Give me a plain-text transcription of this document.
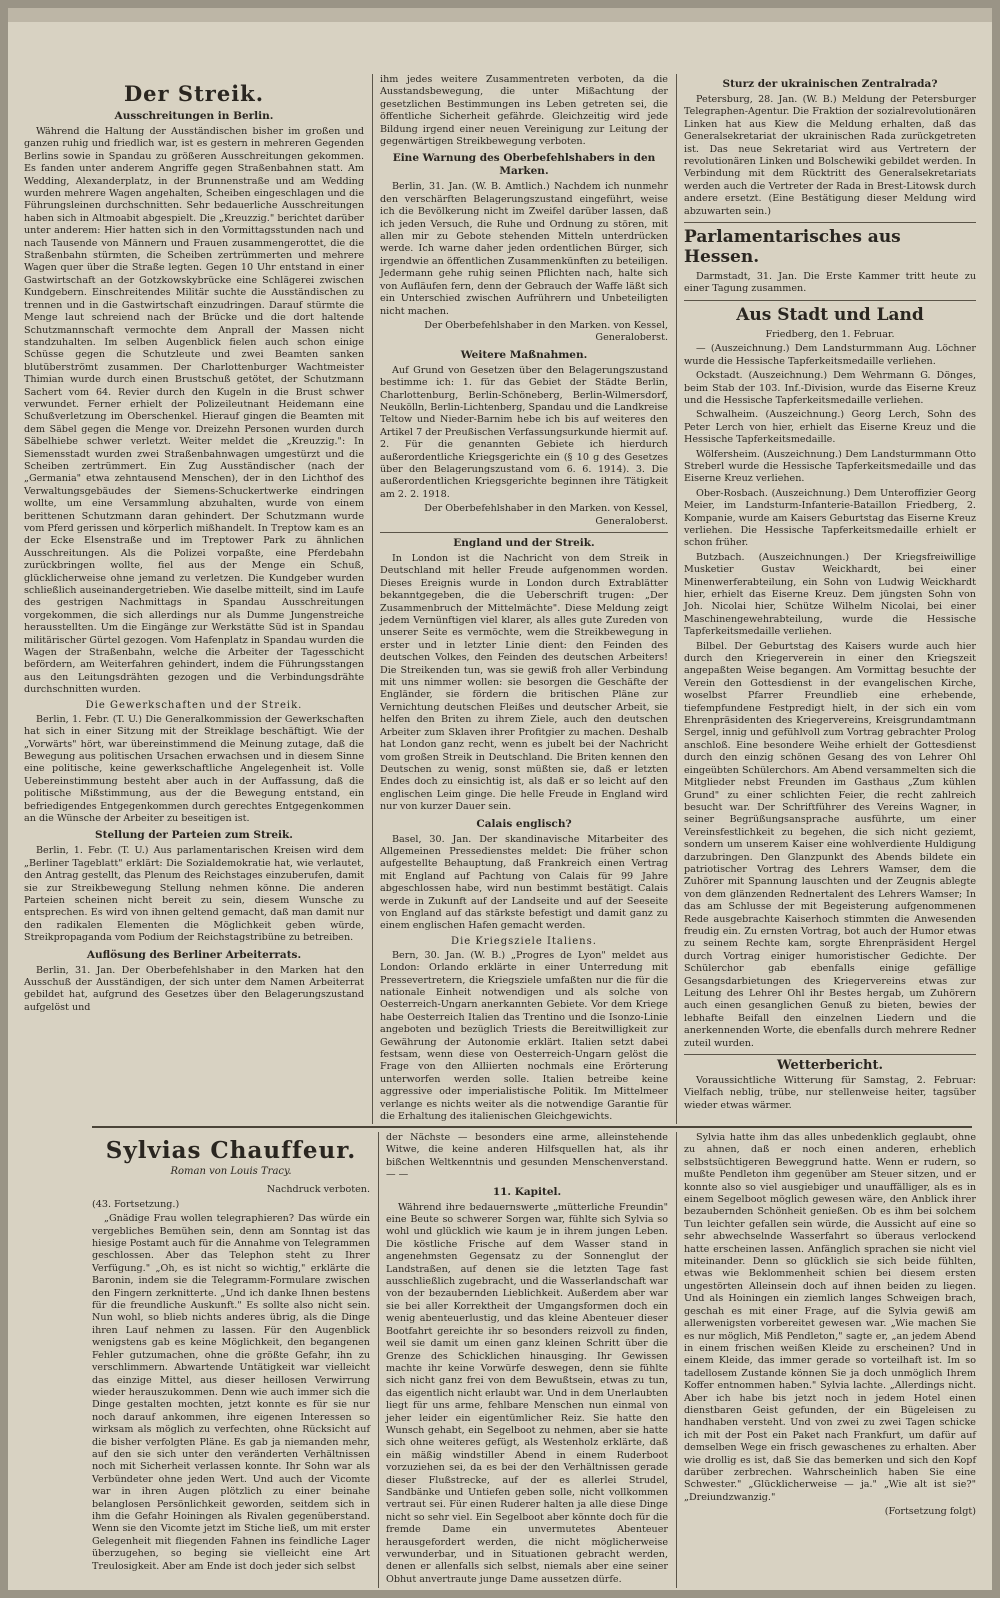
Der Streik.
Ausschreitungen in Berlin.

Während die Haltung der Ausständischen bisher im großen und ganzen ruhig und friedlich war, ist es gestern in mehreren Gegenden Berlins sowie in Spandau zu größeren Ausschreitungen gekommen. Es fanden unter anderem Angriffe gegen Straßenbahnen statt. Am Wedding, Alexanderplatz, in der Brunnenstraße und am Wedding wurden mehrere Wagen angehalten, Scheiben eingeschlagen und die Führungsleinen durchschnitten. Sehr bedauerliche Ausschreitungen haben sich in Altmoabit abgespielt. Die „Kreuzzig." berichtet darüber unter anderem: Hier hatten sich in den Vormittagsstunden nach und nach Tausende von Männern und Frauen zusammengerottet, die die Straßenbahn stürmten, die Scheiben zertrümmerten und mehrere Wagen quer über die Straße legten. Gegen 10 Uhr entstand in einer Gastwirtschaft an der Gotzkowskybrücke eine Schlägerei zwischen Kundgebern. Einschreitendes Militär suchte die Ausständischen zu trennen und in die Gastwirtschaft einzudringen. Darauf stürmte die Menge laut schreiend nach der Brücke und die dort haltende Schutzmannschaft vermochte dem Anprall der Massen nicht standzuhalten. Im selben Augenblick fielen auch schon einige Schüsse gegen die Schutzleute und zwei Beamten sanken blutüberströmt zusammen. Der Charlottenburger Wachtmeister Thimian wurde durch einen Brustschuß getötet, der Schutzmann Sachert vom 64. Revier durch den Kugeln in die Brust schwer verwundet. Ferner erhielt der Polizeileutnant Heidemann eine Schußverletzung im Oberschenkel. Hierauf gingen die Beamten mit dem Säbel gegen die Menge vor. Dreizehn Personen wurden durch Säbelhiebe schwer verletzt. Weiter meldet die „Kreuzzig.": In Siemensstadt wurden zwei Straßenbahnwagen umgestürzt und die Scheiben zertrümmert. Ein Zug Ausständischer (nach der „Germania" etwa zehntausend Menschen), der in den Lichthof des Verwaltungsgebäudes der Siemens-Schuckertwerke eindringen wollte, um eine Versammlung abzuhalten, wurde von einem berittenen Schutzmann daran gehindert. Der Schutzmann wurde vom Pferd gerissen und körperlich mißhandelt. In Treptow kam es an der Ecke Elsenstraße und im Treptower Park zu ähnlichen Ausschreitungen. Als die Polizei vorpaßte, eine Pferdebahn zurückbringen wollte, fiel aus der Menge ein Schuß, glücklicherweise ohne jemand zu verletzen. Die Kundgeber wurden schließlich auseinandergetrieben. Wie daselbe mitteilt, sind im Laufe des gestrigen Nachmittags in Spandau Ausschreitungen vorgekommen, die sich allerdings nur als Dumme Jungenstreiche herausstellten. Um die Eingänge zur Werkstätte Süd ist in Spandau militärischer Gürtel gezogen. Vom Hafenplatz in Spandau wurden die Wagen der Straßenbahn, welche die Arbeiter der Tagesschicht befördern, am Weiterfahren gehindert, indem die Führungsstangen aus den Leitungsdrähten gezogen und die Verbindungsdrähte durchschnitten wurden.

Die Gewerkschaften und der Streik.

Berlin, 1. Febr. (T. U.) Die Generalkommission der Gewerkschaften hat sich in einer Sitzung mit der Streiklage beschäftigt. Wie der „Vorwärts" hört, war übereinstimmend die Meinung zutage, daß die Bewegung aus politischen Ursachen erwachsen und in diesem Sinne eine politische, keine gewerkschaftliche Angelegenheit ist. Volle Uebereinstimmung besteht aber auch in der Auffassung, daß die politische Mißstimmung, aus der die Bewegung entstand, ein befriedigendes Entgegenkommen durch gerechtes Entgegenkommen an die Wünsche der Arbeiter zu beseitigen ist.

Stellung der Parteien zum Streik.

Berlin, 1. Febr. (T. U.) Aus parlamentarischen Kreisen wird dem „Berliner Tageblatt" erklärt: Die Sozialdemokratie hat, wie verlautet, den Antrag gestellt, das Plenum des Reichstages einzuberufen, damit sie zur Streikbewegung Stellung nehmen könne. Die anderen Parteien scheinen nicht bereit zu sein, diesem Wunsche zu entsprechen. Es wird von ihnen geltend gemacht, daß man damit nur den radikalen Elementen die Möglichkeit geben würde, Streikpropaganda vom Podium der Reichstagstribüne zu betreiben.

Auflösung des Berliner Arbeiterrats.

Berlin, 31. Jan. Der Oberbefehlshaber in den Marken hat den Ausschuß der Ausständigen, der sich unter dem Namen Arbeiterrat gebildet hat, aufgrund des Gesetzes über den Belagerungszustand aufgelöst und

ihm jedes weitere Zusammentreten verboten, da die Ausstandsbewegung, die unter Mißachtung der gesetzlichen Bestimmungen ins Leben getreten sei, die öffentliche Sicherheit gefährde. Gleichzeitig wird jede Bildung irgend einer neuen Vereinigung zur Leitung der gegenwärtigen Streikbewegung verboten.

Eine Warnung des Oberbefehlshabers in den Marken.

Berlin, 31. Jan. (W. B. Amtlich.) Nachdem ich nunmehr den verschärften Belagerungszustand eingeführt, weise ich die Bevölkerung nicht im Zweifel darüber lassen, daß ich jeden Versuch, die Ruhe und Ordnung zu stören, mit allen mir zu Gebote stehenden Mitteln unterdrücken werde. Ich warne daher jeden ordentlichen Bürger, sich irgendwie an öffentlichen Zusammenkünften zu beteiligen. Jedermann gehe ruhig seinen Pflichten nach, halte sich von Aufläufen fern, denn der Gebrauch der Waffe läßt sich ein Unterschied zwischen Aufrührern und Unbeteiligten nicht machen.

Der Oberbefehlshaber in den Marken. von Kessel, Generaloberst.

Weitere Maßnahmen.

Auf Grund von Gesetzen über den Belagerungszustand bestimme ich: 1. für das Gebiet der Städte Berlin, Charlottenburg, Berlin-Schöneberg, Berlin-Wilmersdorf, Neukölln, Berlin-Lichtenberg, Spandau und die Landkreise Teltow und Nieder-Barnim hebe ich bis auf weiteres den Artikel 7 der Preußischen Verfassungsurkunde hiermit auf. 2. Für die genannten Gebiete ich hierdurch außerordentliche Kriegsgerichte ein (§ 10 g des Gesetzes über den Belagerungszustand vom 6. 6. 1914). 3. Die außerordentlichen Kriegsgerichte beginnen ihre Tätigkeit am 2. 2. 1918.

Der Oberbefehlshaber in den Marken. von Kessel, Generaloberst.

England und der Streik.

In London ist die Nachricht von dem Streik in Deutschland mit heller Freude aufgenommen worden. Dieses Ereignis wurde in London durch Extrablätter bekanntgegeben, die die Ueberschrift trugen: „Der Zusammenbruch der Mittelmächte". Diese Meldung zeigt jedem Vernünftigen viel klarer, als alles gute Zureden von unserer Seite es vermöchte, wem die Streikbewegung in erster und in letzter Linie dient: den Feinden des deutschen Volkes, den Feinden des deutschen Arbeiters! Die Streikenden tun, was sie gewiß froh aller Verbindung mit uns nimmer wollen: sie besorgen die Geschäfte der Engländer, sie fördern die britischen Pläne zur Vernichtung deutschen Fleißes und deutscher Arbeit, sie helfen den Briten zu ihrem Ziele, auch den deutschen Arbeiter zum Sklaven ihrer Profitgier zu machen. Deshalb hat London ganz recht, wenn es jubelt bei der Nachricht vom großen Streik in Deutschland. Die Briten kennen den Deutschen zu wenig, sonst müßten sie, daß er letzten Endes doch zu einsichtig ist, als daß er so leicht auf den englischen Leim ginge. Die helle Freude in England wird nur von kurzer Dauer sein.

Calais englisch?

Basel, 30. Jan. Der skandinavische Mitarbeiter des Allgemeinen Pressedienstes meldet: Die früher schon aufgestellte Behauptung, daß Frankreich einen Vertrag mit England auf Pachtung von Calais für 99 Jahre abgeschlossen habe, wird nun bestimmt bestätigt. Calais werde in Zukunft auf der Landseite und auf der Seeseite von England auf das stärkste befestigt und damit ganz zu einem englischen Hafen gemacht werden.

Die Kriegsziele Italiens.

Bern, 30. Jan. (W. B.) „Progres de Lyon" meldet aus London: Orlando erklärte in einer Unterredung mit Pressevertretern, die Kriegsziele umfaßten nur die für die nationale Einheit notwendigen und als solche von Oesterreich-Ungarn anerkannten Gebiete. Vor dem Kriege habe Oesterreich Italien das Trentino und die Isonzo-Linie angeboten und bezüglich Triests die Bereitwilligkeit zur Gewährung der Autonomie erklärt. Italien setzt dabei festsam, wenn diese von Oesterreich-Ungarn gelöst die Frage von den Alliierten nochmals eine Erörterung unterworfen werden solle. Italien betreibe keine aggressive oder imperialistische Politik. Im Mittelmeer verlange es nichts weiter als die notwendige Garantie für die Erhaltung des italienischen Gleichgewichts.

Sturz der ukrainischen Zentralrada?

Petersburg, 28. Jan. (W. B.) Meldung der Petersburger Telegraphen-Agentur. Die Fraktion der sozialrevolutionären Linken hat aus Kiew die Meldung erhalten, daß das Generalsekretariat der ukrainischen Rada zurückgetreten ist. Das neue Sekretariat wird aus Vertretern der revolutionären Linken und Bolschewiki gebildet werden. In Verbindung mit dem Rücktritt des Generalsekretariats werden auch die Vertreter der Rada in Brest-Litowsk durch andere ersetzt. (Eine Bestätigung dieser Meldung wird abzuwarten sein.)

Parlamentarisches aus Hessen.

Darmstadt, 31. Jan. Die Erste Kammer tritt heute zu einer Tagung zusammen.

Aus Stadt und Land

Friedberg, den 1. Februar.

— (Auszeichnung.) Dem Landsturmmann Aug. Löchner wurde die Hessische Tapferkeitsmedaille verliehen.

Ockstadt. (Auszeichnung.) Dem Wehrmann G. Dönges, beim Stab der 103. Inf.-Division, wurde das Eiserne Kreuz und die Hessische Tapferkeitsmedaille verliehen.

Schwalheim. (Auszeichnung.) Georg Lerch, Sohn des Peter Lerch von hier, erhielt das Eiserne Kreuz und die Hessische Tapferkeitsmedaille.

Wölfersheim. (Auszeichnung.) Dem Landsturmmann Otto Streberl wurde die Hessische Tapferkeitsmedaille und das Eiserne Kreuz verliehen.

Ober-Rosbach. (Auszeichnung.) Dem Unteroffizier Georg Meier, im Landsturm-Infanterie-Bataillon Friedberg, 2. Kompanie, wurde am Kaisers Geburtstag das Eiserne Kreuz verliehen. Die Hessische Tapferkeitsmedaille erhielt er schon früher.

Butzbach. (Auszeichnungen.) Der Kriegsfreiwillige Musketier Gustav Weickhardt, bei einer Minenwerferabteilung, ein Sohn von Ludwig Weickhardt hier, erhielt das Eiserne Kreuz. Dem jüngsten Sohn von Joh. Nicolai hier, Schütze Wilhelm Nicolai, bei einer Maschinengewehrabteilung, wurde die Hessische Tapferkeitsmedaille verliehen.

Bilbel. Der Geburtstag des Kaisers wurde auch hier durch den Kriegerverein in einer den Kriegszeit angepaßten Weise begangen. Am Vormittag besuchte der Verein den Gottesdienst in der evangelischen Kirche, woselbst Pfarrer Freundlieb eine erhebende, tiefempfundene Festpredigt hielt, in der sich ein vom Ehrenpräsidenten des Kriegervereins, Kreisgrundamtmann Sergel, innig und gefühlvoll zum Vortrag gebrachter Prolog anschloß. Eine besondere Weihe erhielt der Gottesdienst durch den einzig schönen Gesang des von Lehrer Ohl eingeübten Schülerchors. Am Abend versammelten sich die Mitglieder nebst Freunden im Gasthaus „Zum kühlen Grund" zu einer schlichten Feier, die recht zahlreich besucht war. Der Schriftführer des Vereins Wagner, in seiner Begrüßungsansprache ausführte, um einer Vereinsfestlichkeit zu begehen, die sich nicht geziemt, sondern um unserem Kaiser eine wohlverdiente Huldigung darzubringen. Den Glanzpunkt des Abends bildete ein patriotischer Vortrag des Lehrers Wamser, dem die Zuhörer mit Spannung lauschten und der Zeugnis ablegte von dem glänzenden Rednertalent des Lehrers Wamser; In das am Schlusse der mit Begeisterung aufgenommenen Rede ausgebrachte Kaiserhoch stimmten die Anwesenden freudig ein. Zu ernsten Vortrag, bot auch der Humor etwas zu seinem Rechte kam, sorgte Ehrenpräsident Hergel durch Vortrag einiger humoristischer Gedichte. Der Schülerchor gab ebenfalls einige gefällige Gesangsdarbietungen des Kriegervereins etwas zur Leitung des Lehrer Ohl ihr Bestes hergab, um Zuhörern auch einen gesanglichen Genuß zu bieten, bewies der lebhafte Beifall den einzelnen Liedern und die anerkennenden Worte, die ebenfalls durch mehrere Redner zuteil wurden.

Wetterbericht.

Voraussichtliche Witterung für Samstag, 2. Februar: Vielfach neblig, trübe, nur stellenweise heiter, tagsüber wieder etwas wärmer.

Sylvias Chauffeur.
Roman von Louis Tracy.

Nachdruck verboten.

(43. Fortsetzung.)

„Gnädige Frau wollen telegraphieren? Das würde ein vergebliches Bemühen sein, denn am Sonntag ist das hiesige Postamt auch für die Annahme von Telegrammen geschlossen. Aber das Telephon steht zu Ihrer Verfügung." „Oh, es ist nicht so wichtig," erklärte die Baronin, indem sie die Telegramm-Formulare zwischen den Fingern zerknitterte. „Und ich danke Ihnen bestens für die freundliche Auskunft." Es sollte also nicht sein. Nun wohl, so blieb nichts anderes übrig, als die Dinge ihren Lauf nehmen zu lassen. Für den Augenblick wenigstens gab es keine Möglichkeit, den begangenen Fehler gutzumachen, ohne die größte Gefahr, ihn zu verschlimmern. Abwartende Untätigkeit war vielleicht das einzige Mittel, aus dieser heillosen Verwirrung wieder herauszukommen. Denn wie auch immer sich die Dinge gestalten mochten, jetzt konnte es für sie nur noch darauf ankommen, ihre eigenen Interessen so wirksam als möglich zu verfechten, ohne Rücksicht auf die bisher verfolgten Pläne. Es gab ja niemanden mehr, auf den sie sich unter den veränderten Verhältnissen noch mit Sicherheit verlassen konnte. Ihr Sohn war als Verbündeter ohne jeden Wert. Und auch der Vicomte war in ihren Augen plötzlich zu einer beinahe belanglosen Persönlichkeit geworden, seitdem sich in ihm die Gefahr Hoiningen als Rivalen gegenüberstand. Wenn sie den Vicomte jetzt im Stiche ließ, um mit erster Gelegenheit mit fliegenden Fahnen ins feindliche Lager überzugehen, so beging sie vielleicht eine Art Treulosigkeit. Aber am Ende ist doch jeder sich selbst

der Nächste — besonders eine arme, alleinstehende Witwe, die keine anderen Hilfsquellen hat, als ihr bißchen Weltkenntnis und gesunden Menschenverstand. — —

11. Kapitel.

Während ihre bedauernswerte „mütterliche Freundin" eine Beute so schwerer Sorgen war, fühlte sich Sylvia so wohl und glücklich wie kaum je in ihrem jungen Leben. Die köstliche Frische auf dem Wasser stand in angenehmsten Gegensatz zu der Sonnenglut der Landstraßen, auf denen sie die letzten Tage fast ausschließlich zugebracht, und die Wasserlandschaft war von der bezaubernden Lieblichkeit. Außerdem aber war sie bei aller Korrektheit der Umgangsformen doch ein wenig abenteuerlustig, und das kleine Abenteuer dieser Bootfahrt gereichte ihr so besonders reizvoll zu finden, weil sie damit um einen ganz kleinen Schritt über die Grenze des Schicklichen hinausging. Ihr Gewissen machte ihr keine Vorwürfe deswegen, denn sie fühlte sich nicht ganz frei von dem Bewußtsein, etwas zu tun, das eigentlich nicht erlaubt war. Und in dem Unerlaubten liegt für uns arme, fehlbare Menschen nun einmal von jeher leider ein eigentümlicher Reiz. Sie hatte den Wunsch gehabt, ein Segelboot zu nehmen, aber sie hatte sich ohne weiteres gefügt, als Westenholz erklärte, daß ein mäßig windstiller Abend in einem Ruderboot vorzuziehen sei, da es bei der den Verhältnissen gerade dieser Flußstrecke, auf der es allerlei Strudel, Sandbänke und Untiefen geben solle, nicht vollkommen vertraut sei. Für einen Ruderer halten ja alle diese Dinge nicht so sehr viel. Ein Segelboot aber könnte doch für die fremde Dame ein unvermutetes Abenteuer herausgefordert werden, die nicht möglicherweise verwunderbar, und in Situationen gebracht werden, denen er allenfalls sich selbst, niemals aber eine seiner Obhut anvertraute junge Dame aussetzen dürfe.

Sylvia hatte ihm das alles unbedenklich geglaubt, ohne zu ahnen, daß er noch einen anderen, erheblich selbstsüchtigeren Beweggrund hatte. Wenn er rudern, so mußte Pendleton ihm gegenüber am Steuer sitzen, und er konnte also so viel ausgiebiger und unauffälliger, als es in einem Segelboot möglich gewesen wäre, den Anblick ihrer bezaubernden Schönheit genießen. Ob es ihm bei solchem Tun leichter gefallen sein würde, die Aussicht auf eine so sehr abwechselnde Wasserfahrt so überaus verlockend hatte erscheinen lassen. Anfänglich sprachen sie nicht viel miteinander. Denn so glücklich sie sich beide fühlten, etwas wie Beklommenheit schien bei diesem ersten ungestörten Alleinsein doch auf ihnen beiden zu liegen. Und als Hoiningen ein ziemlich langes Schweigen brach, geschah es mit einer Frage, auf die Sylvia gewiß am allerwenigsten vorbereitet gewesen war. „Wie machen Sie es nur möglich, Miß Pendleton," sagte er, „an jedem Abend in einem frischen weißen Kleide zu erscheinen? Und in einem Kleide, das immer gerade so vorteilhaft ist. Im so tadellosem Zustande können Sie ja doch unmöglich Ihrem Koffer entnommen haben." Sylvia lachte. „Allerdings nicht. Aber ich habe bis jetzt noch in jedem Hotel einen dienstbaren Geist gefunden, der ein Bügeleisen zu handhaben versteht. Und von zwei zu zwei Tagen schicke ich mit der Post ein Paket nach Frankfurt, um dafür auf demselben Wege ein frisch gewaschenes zu erhalten. Aber wie drollig es ist, daß Sie das bemerken und sich den Kopf darüber zerbrechen. Wahrscheinlich haben Sie eine Schwester." „Glücklicherweise — ja." „Wie alt ist sie?" „Dreiundzwanzig."

(Fortsetzung folgt)
